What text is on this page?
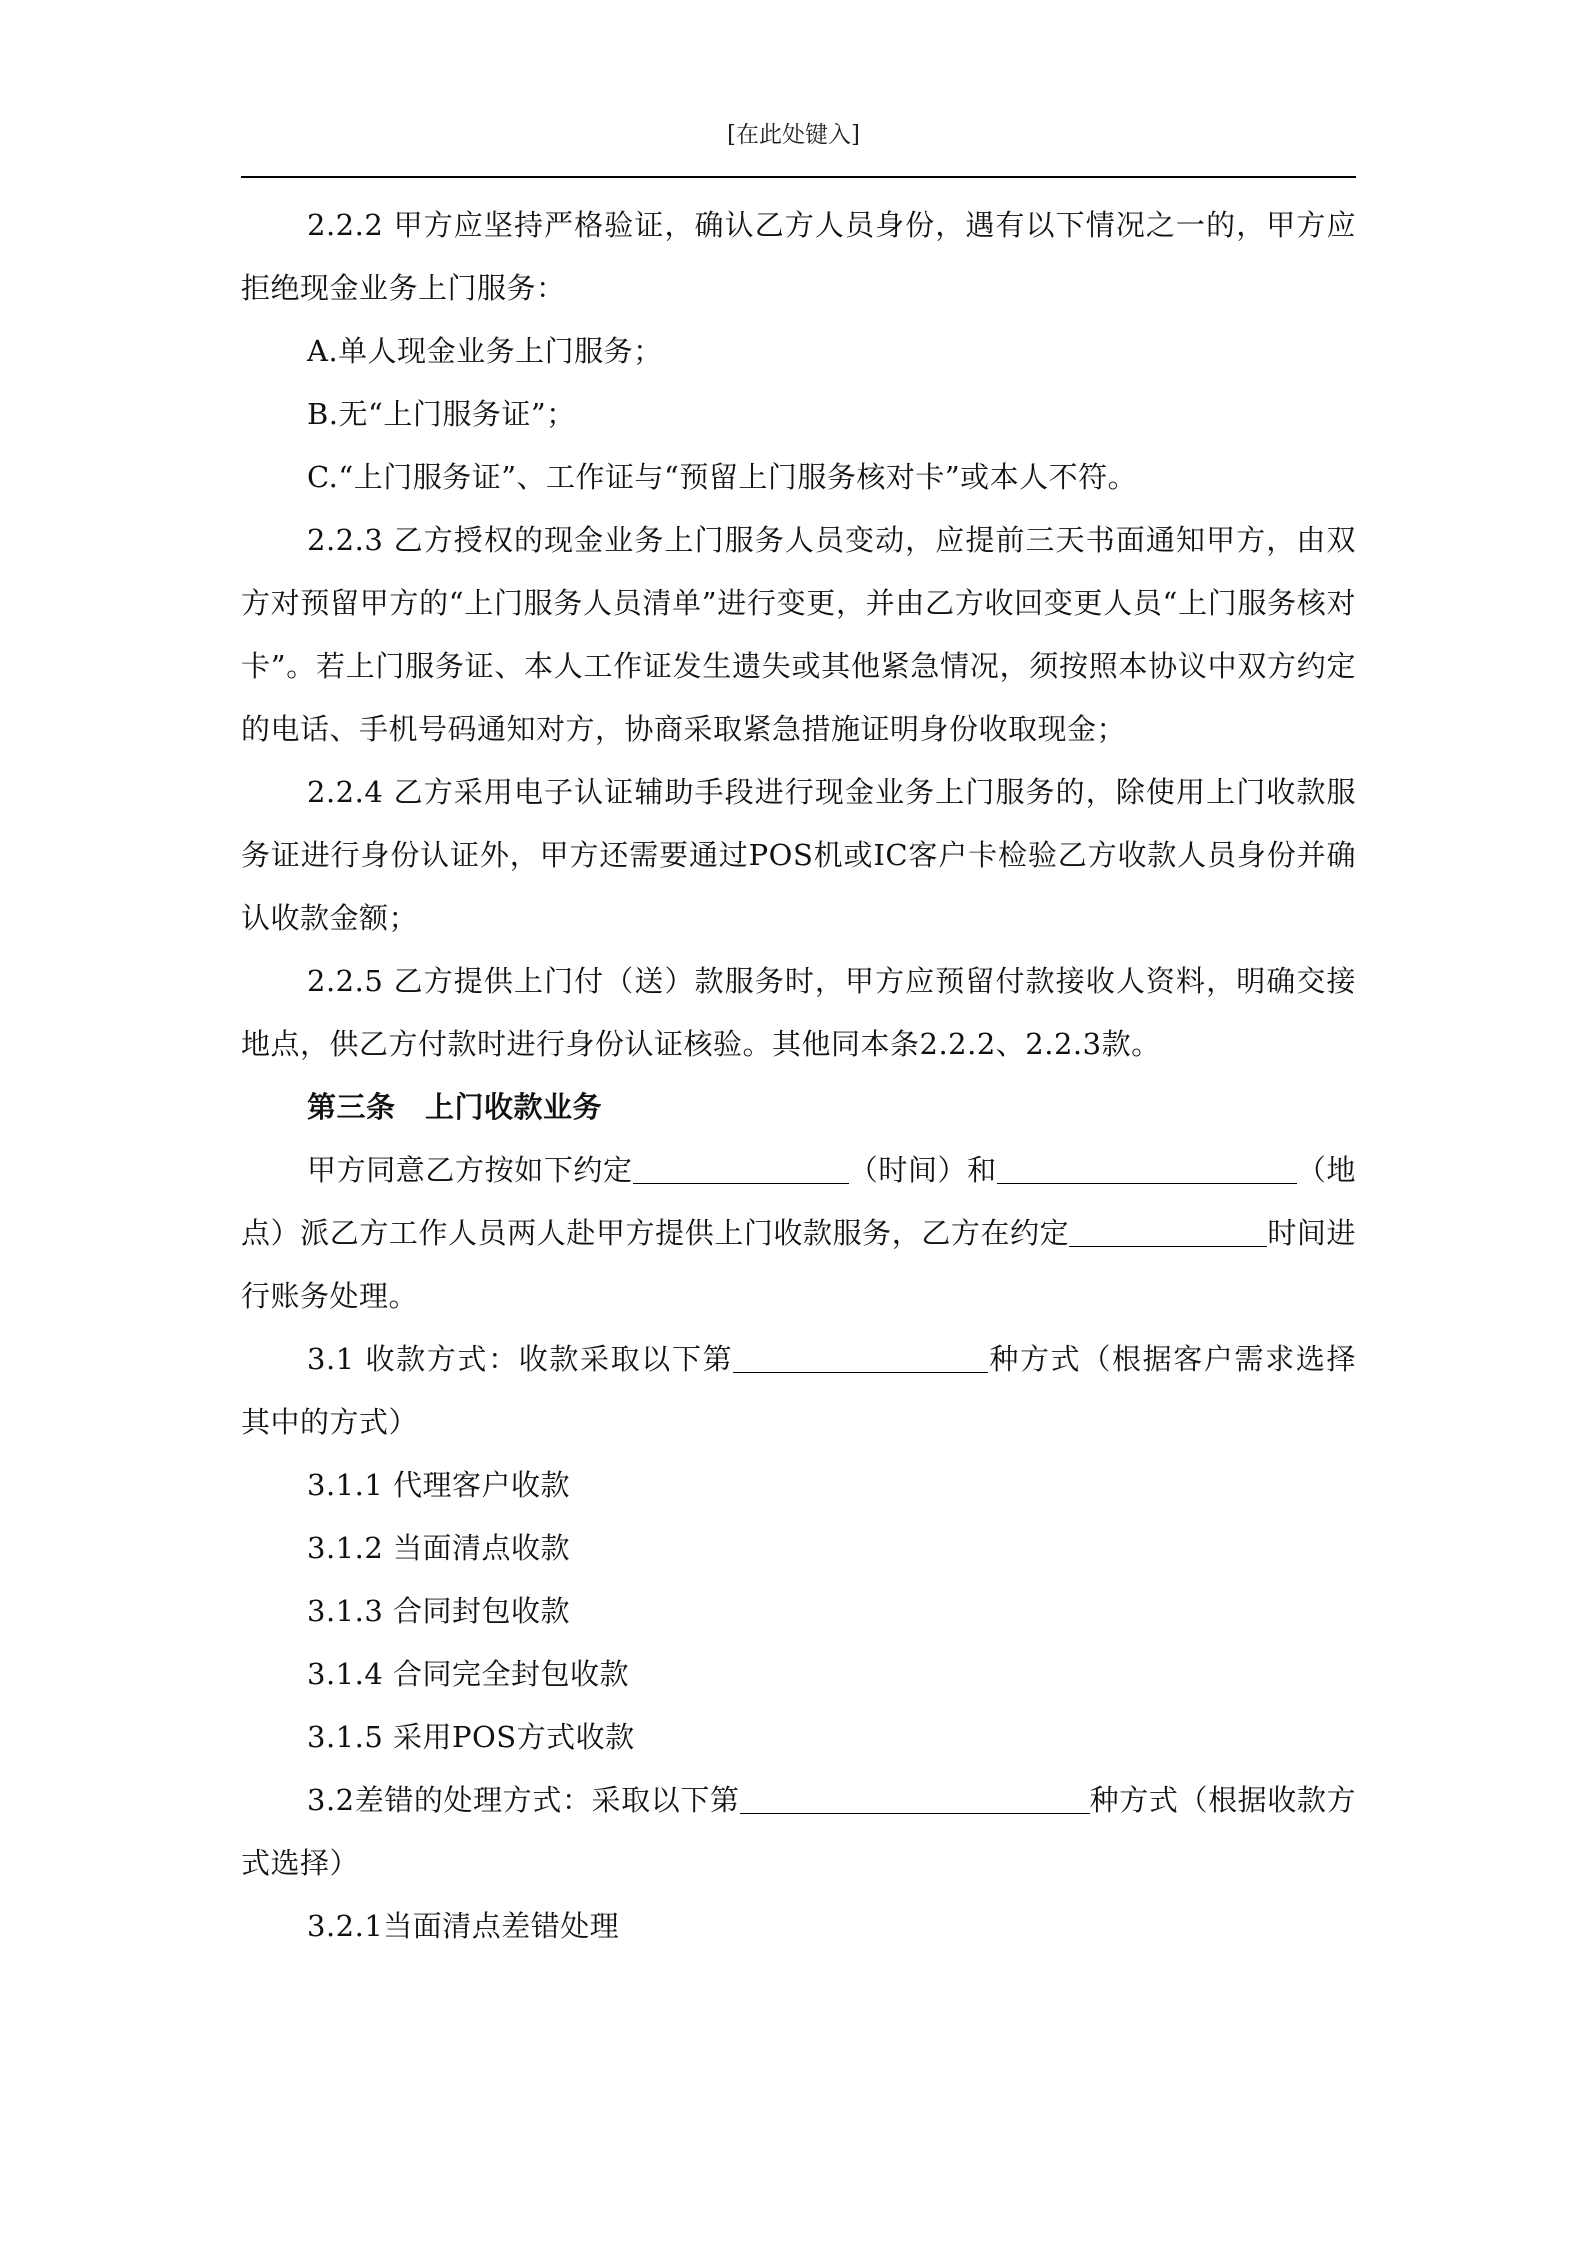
[在此处键入]

2.2.2 甲方应坚持严格验证，确认乙方人员身份，遇有以下情况之一的，甲方应拒绝现金业务上门服务：

A.单人现金业务上门服务；

B.无“上门服务证”；

C.“上门服务证”、工作证与“预留上门服务核对卡”或本人不符。

2.2.3 乙方授权的现金业务上门服务人员变动，应提前三天书面通知甲方，由双方对预留甲方的“上门服务人员清单”进行变更，并由乙方收回变更人员“上门服务核对卡”。若上门服务证、本人工作证发生遗失或其他紧急情况，须按照本协议中双方约定的电话、手机号码通知对方，协商采取紧急措施证明身份收取现金；

2.2.4 乙方采用电子认证辅助手段进行现金业务上门服务的，除使用上门收款服务证进行身份认证外，甲方还需要通过POS机或IC客户卡检验乙方收款人员身份并确认收款金额；

2.2.5 乙方提供上门付（送）款服务时，甲方应预留付款接收人资料，明确交接地点，供乙方付款时进行身份认证核验。其他同本条2.2.2、2.2.3款。

第三条　上门收款业务

甲方同意乙方按如下约定	（时间）和	（地点）派乙方工作人员两人赴甲方提供上门收款服务，乙方在约定	时间进行账务处理。

3.1 收款方式：收款采取以下第	种方式（根据客户需求选择其中的方式）

3.1.1 代理客户收款

3.1.2 当面清点收款

3.1.3 合同封包收款

3.1.4 合同完全封包收款

3.1.5 采用POS方式收款

3.2差错的处理方式：采取以下第	种方式（根据收款方式选择）

3.2.1当面清点差错处理
